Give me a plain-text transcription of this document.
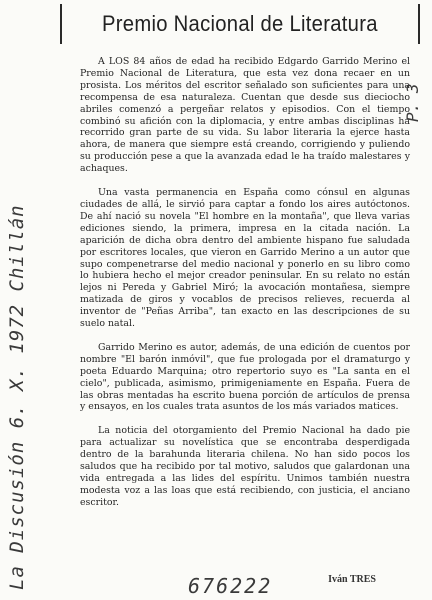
Premio Nacional de Literatura

A LOS 84 años de edad ha recibido Edgardo Garrido Merino el Premio Nacional de Literatura, que esta vez dona recaer en un prosista. Los méritos del escritor señalado son suficientes para una recompensa de esa naturaleza. Cuentan que desde sus dieciocho abriles comenzó a pergeñar relatos y episodios. Con el tiempo combinó su afición con la diplomacia, y entre ambas disciplinas ha recorrido gran parte de su vida. Su labor literaria la ejerce hasta ahora, de manera que siempre está creando, corrigiendo y puliendo su producción pese a que la avanzada edad le ha traído malestares y achaques.

Una vasta permanencia en España como cónsul en algunas ciudades de allá, le sirvió para captar a fondo los aires autóctonos. De ahí nació su novela "El hombre en la montaña", que lleva varias ediciones siendo, la primera, impresa en la citada nación. La aparición de dicha obra dentro del ambiente hispano fue saludada por escritores locales, que vieron en Garrido Merino a un autor que supo compenetrarse del medio nacional y ponerlo en su libro como lo hubiera hecho el mejor creador peninsular. En su relato no están lejos ni Pereda y Gabriel Miró; la avocación montañesa, siempre matizada de giros y vocablos de precisos relieves, recuerda al inventor de "Peñas Arriba", tan exacto en las descripciones de su suelo natal.

Garrido Merino es autor, además, de una edición de cuentos por nombre "El barón inmóvil", que fue prologada por el dramaturgo y poeta Eduardo Marquina; otro repertorio suyo es "La santa en el cielo", publicada, asimismo, primigeniamente en España. Fuera de las obras mentadas ha escrito buena porción de artículos de prensa y ensayos, en los cuales trata asuntos de los más variados matices.

La noticia del otorgamiento del Premio Nacional ha dado pie para actualizar su novelística que se encontraba desperdigada dentro de la barahunda literaria chilena. No han sido pocos los saludos que ha recibido por tal motivo, saludos que galardonan una vida entregada a las lides del espíritu. Unimos también nuestra modesta voz a las loas que está recibiendo, con justicia, el anciano escritor.

Iván TRES
La Discusión 6. X. 1972 Chillán
P. 3
676222
